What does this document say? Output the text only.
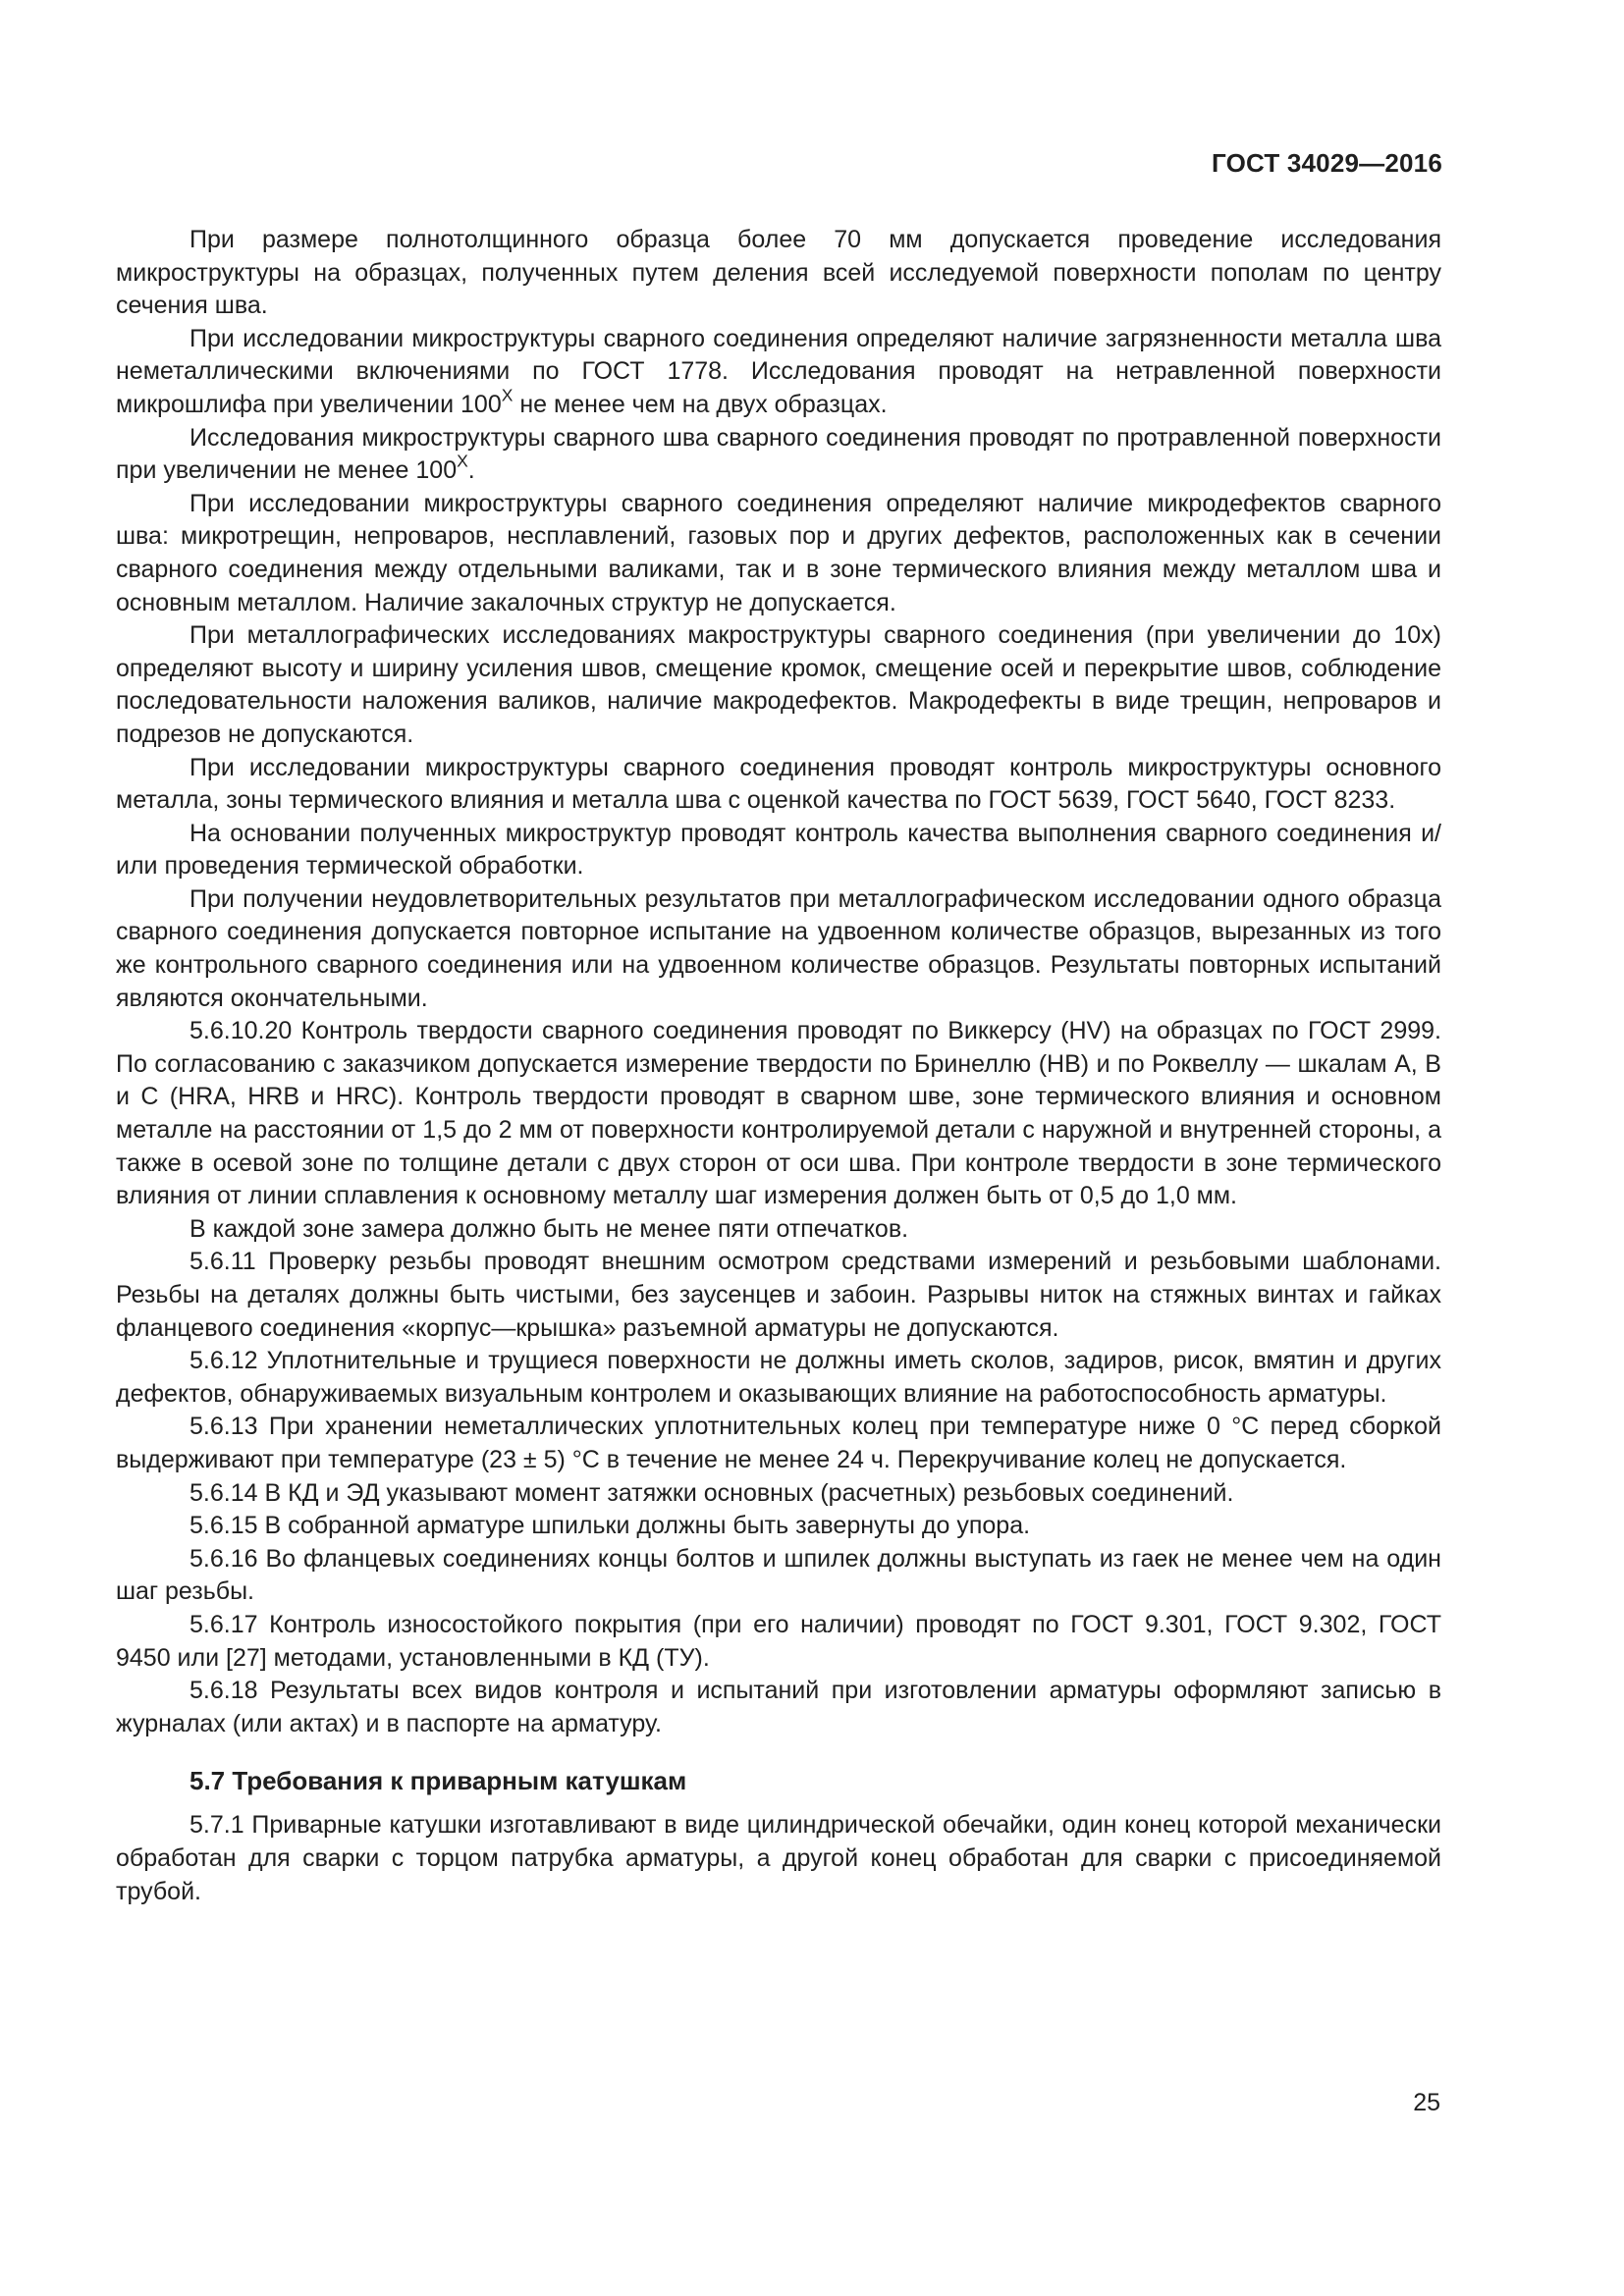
ГОСТ 34029—2016

При размере полнотолщинного образца более 70 мм допускается проведение исследования микроструктуры на образцах, полученных путем деления всей исследуемой поверхности пополам по центру сечения шва.

При исследовании микроструктуры сварного соединения определяют наличие загрязненности металла шва неметаллическими включениями по ГОСТ 1778. Исследования проводят на нетравленной поверхности микрошлифа при увеличении $100^X$ не менее чем на двух образцах.

Исследования микроструктуры сварного шва сварного соединения проводят по протравленной поверхности при увеличении не менее $100^X$.

При исследовании микроструктуры сварного соединения определяют наличие микродефектов сварного шва: микротрещин, непроваров, несплавлений, газовых пор и других дефектов, расположенных как в сечении сварного соединения между отдельными валиками, так и в зоне термического влияния между металлом шва и основным металлом. Наличие закалочных структур не допускается.

При металлографических исследованиях макроструктуры сварного соединения (при увеличении до 10х) определяют высоту и ширину усиления швов, смещение кромок, смещение осей и перекрытие швов, соблюдение последовательности наложения валиков, наличие макродефектов. Макродефекты в виде трещин, непроваров и подрезов не допускаются.

При исследовании микроструктуры сварного соединения проводят контроль микроструктуры основного металла, зоны термического влияния и металла шва с оценкой качества по ГОСТ 5639, ГОСТ 5640, ГОСТ 8233.

На основании полученных микроструктур проводят контроль качества выполнения сварного соединения и/или проведения термической обработки.

При получении неудовлетворительных результатов при металлографическом исследовании одного образца сварного соединения допускается повторное испытание на удвоенном количестве образцов, вырезанных из того же контрольного сварного соединения или на удвоенном количестве образцов. Результаты повторных испытаний являются окончательными.

5.6.10.20 Контроль твердости сварного соединения проводят по Виккерсу (HV) на образцах по ГОСТ 2999. По согласованию с заказчиком допускается измерение твердости по Бринеллю (НВ) и по Роквеллу — шкалам А, В и С (HRA, HRB и HRC). Контроль твердости проводят в сварном шве, зоне термического влияния и основном металле на расстоянии от 1,5 до 2 мм от поверхности контролируемой детали с наружной и внутренней стороны, а также в осевой зоне по толщине детали с двух сторон от оси шва. При контроле твердости в зоне термического влияния от линии сплавления к основному металлу шаг измерения должен быть от 0,5 до 1,0 мм.

В каждой зоне замера должно быть не менее пяти отпечатков.

5.6.11 Проверку резьбы проводят внешним осмотром средствами измерений и резьбовыми шаблонами. Резьбы на деталях должны быть чистыми, без заусенцев и забоин. Разрывы ниток на стяжных винтах и гайках фланцевого соединения «корпус—крышка» разъемной арматуры не допускаются.

5.6.12 Уплотнительные и трущиеся поверхности не должны иметь сколов, задиров, рисок, вмятин и других дефектов, обнаруживаемых визуальным контролем и оказывающих влияние на работоспособность арматуры.

5.6.13 При хранении неметаллических уплотнительных колец при температуре ниже 0 °С перед сборкой выдерживают при температуре (23 ± 5) °С в течение не менее 24 ч. Перекручивание колец не допускается.

5.6.14 В КД и ЭД указывают момент затяжки основных (расчетных) резьбовых соединений.

5.6.15 В собранной арматуре шпильки должны быть завернуты до упора.

5.6.16 Во фланцевых соединениях концы болтов и шпилек должны выступать из гаек не менее чем на один шаг резьбы.

5.6.17 Контроль износостойкого покрытия (при его наличии) проводят по ГОСТ 9.301, ГОСТ 9.302, ГОСТ 9450 или [27] методами, установленными в КД (ТУ).

5.6.18 Результаты всех видов контроля и испытаний при изготовлении арматуры оформляют записью в журналах (или актах) и в паспорте на арматуру.

5.7 Требования к приварным катушкам

5.7.1 Приварные катушки изготавливают в виде цилиндрической обечайки, один конец которой механически обработан для сварки с торцом патрубка арматуры, а другой конец обработан для сварки с присоединяемой трубой.

25
